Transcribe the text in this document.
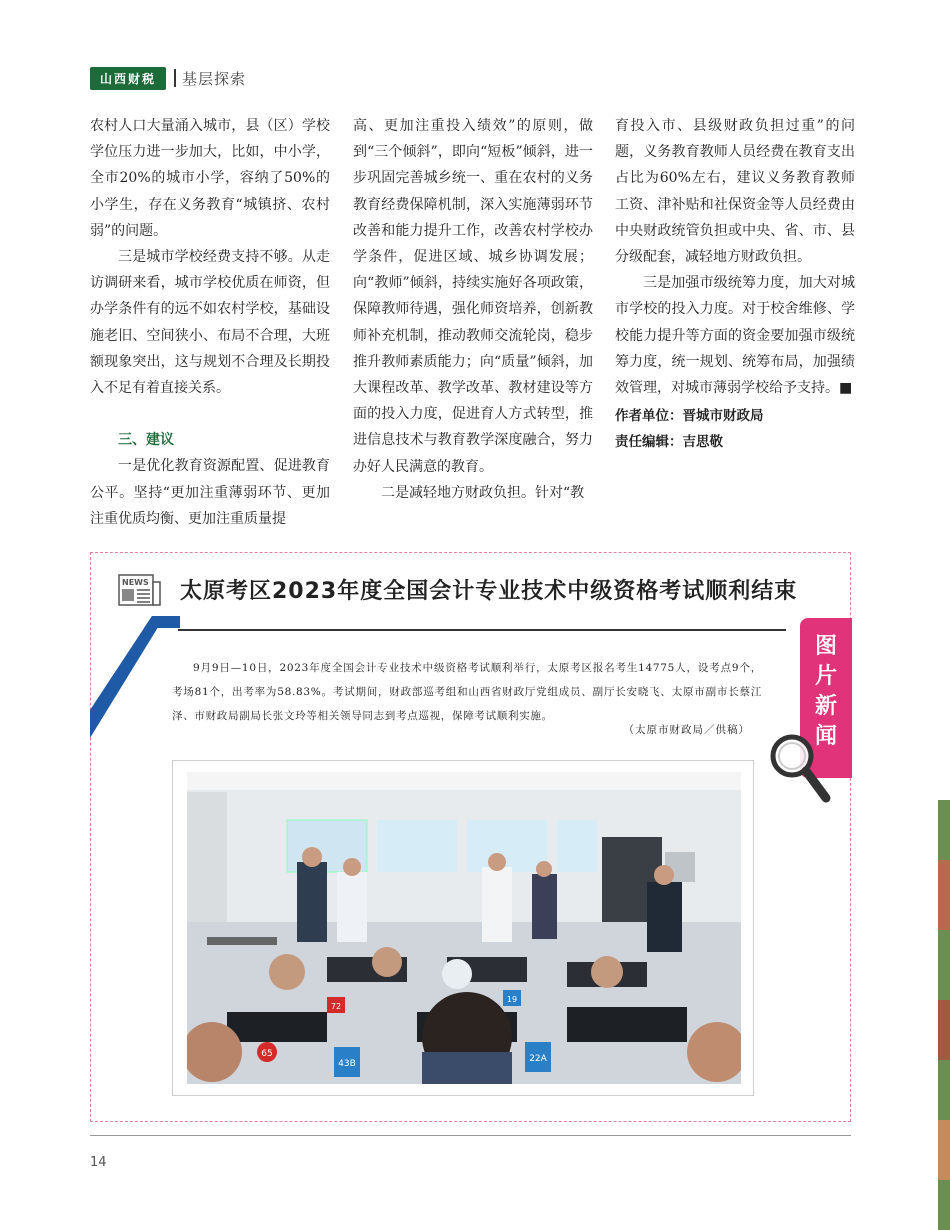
山西财税	基层探索

农村人口大量涌入城市，县（区）学校学位压力进一步加大，比如，中小学，全市20%的城市小学，容纳了50%的小学生，存在义务教育“城镇挤、农村弱”的问题。

三是城市学校经费支持不够。从走访调研来看，城市学校优质在师资，但办学条件有的远不如农村学校，基础设施老旧、空间狭小、布局不合理，大班额现象突出，这与规划不合理及长期投入不足有着直接关系。

三、建议

一是优化教育资源配置、促进教育公平。坚持“更加注重薄弱环节、更加注重优质均衡、更加注重质量提

高、更加注重投入绩效”的原则，做到“三个倾斜”，即向“短板”倾斜，进一步巩固完善城乡统一、重在农村的义务教育经费保障机制，深入实施薄弱环节改善和能力提升工作，改善农村学校办学条件，促进区域、城乡协调发展；向“教师”倾斜，持续实施好各项政策，保障教师待遇，强化师资培养，创新教师补充机制，推动教师交流轮岗，稳步推升教师素质能力；向“质量”倾斜，加大课程改革、教学改革、教材建设等方面的投入力度，促进育人方式转型，推进信息技术与教育教学深度融合，努力办好人民满意的教育。

二是减轻地方财政负担。针对“教

育投入市、县级财政负担过重”的问题，义务教育教师人员经费在教育支出占比为60%左右，建议义务教育教师工资、津补贴和社保资金等人员经费由中央财政统管负担或中央、省、市、县分级配套，减轻地方财政负担。

三是加强市级统筹力度，加大对城市学校的投入力度。对于校舍维修、学校能力提升等方面的资金要加强市级统筹力度，统一规划、统筹布局，加强绩效管理，对城市薄弱学校给予支持。■

作者单位：晋城市财政局

责任编辑：吉思敬

NEWS 太原考区2023年度全国会计专业技术中级资格考试顺利结束
图
片
新
闻

9月9日—10日，2023年度全国会计专业技术中级资格考试顺利举行，太原考区报名考生14775人，设考点9个，考场81个，出考率为58.83%。考试期间，财政部巡考组和山西省财政厅党组成员、副厅长安晓飞、太原市副市长蔡江泽、市财政局副局长张文玲等相关领导同志到考点巡视，保障考试顺利实施。

（太原市财政局／供稿）
65
43B	22A
72
19
14
